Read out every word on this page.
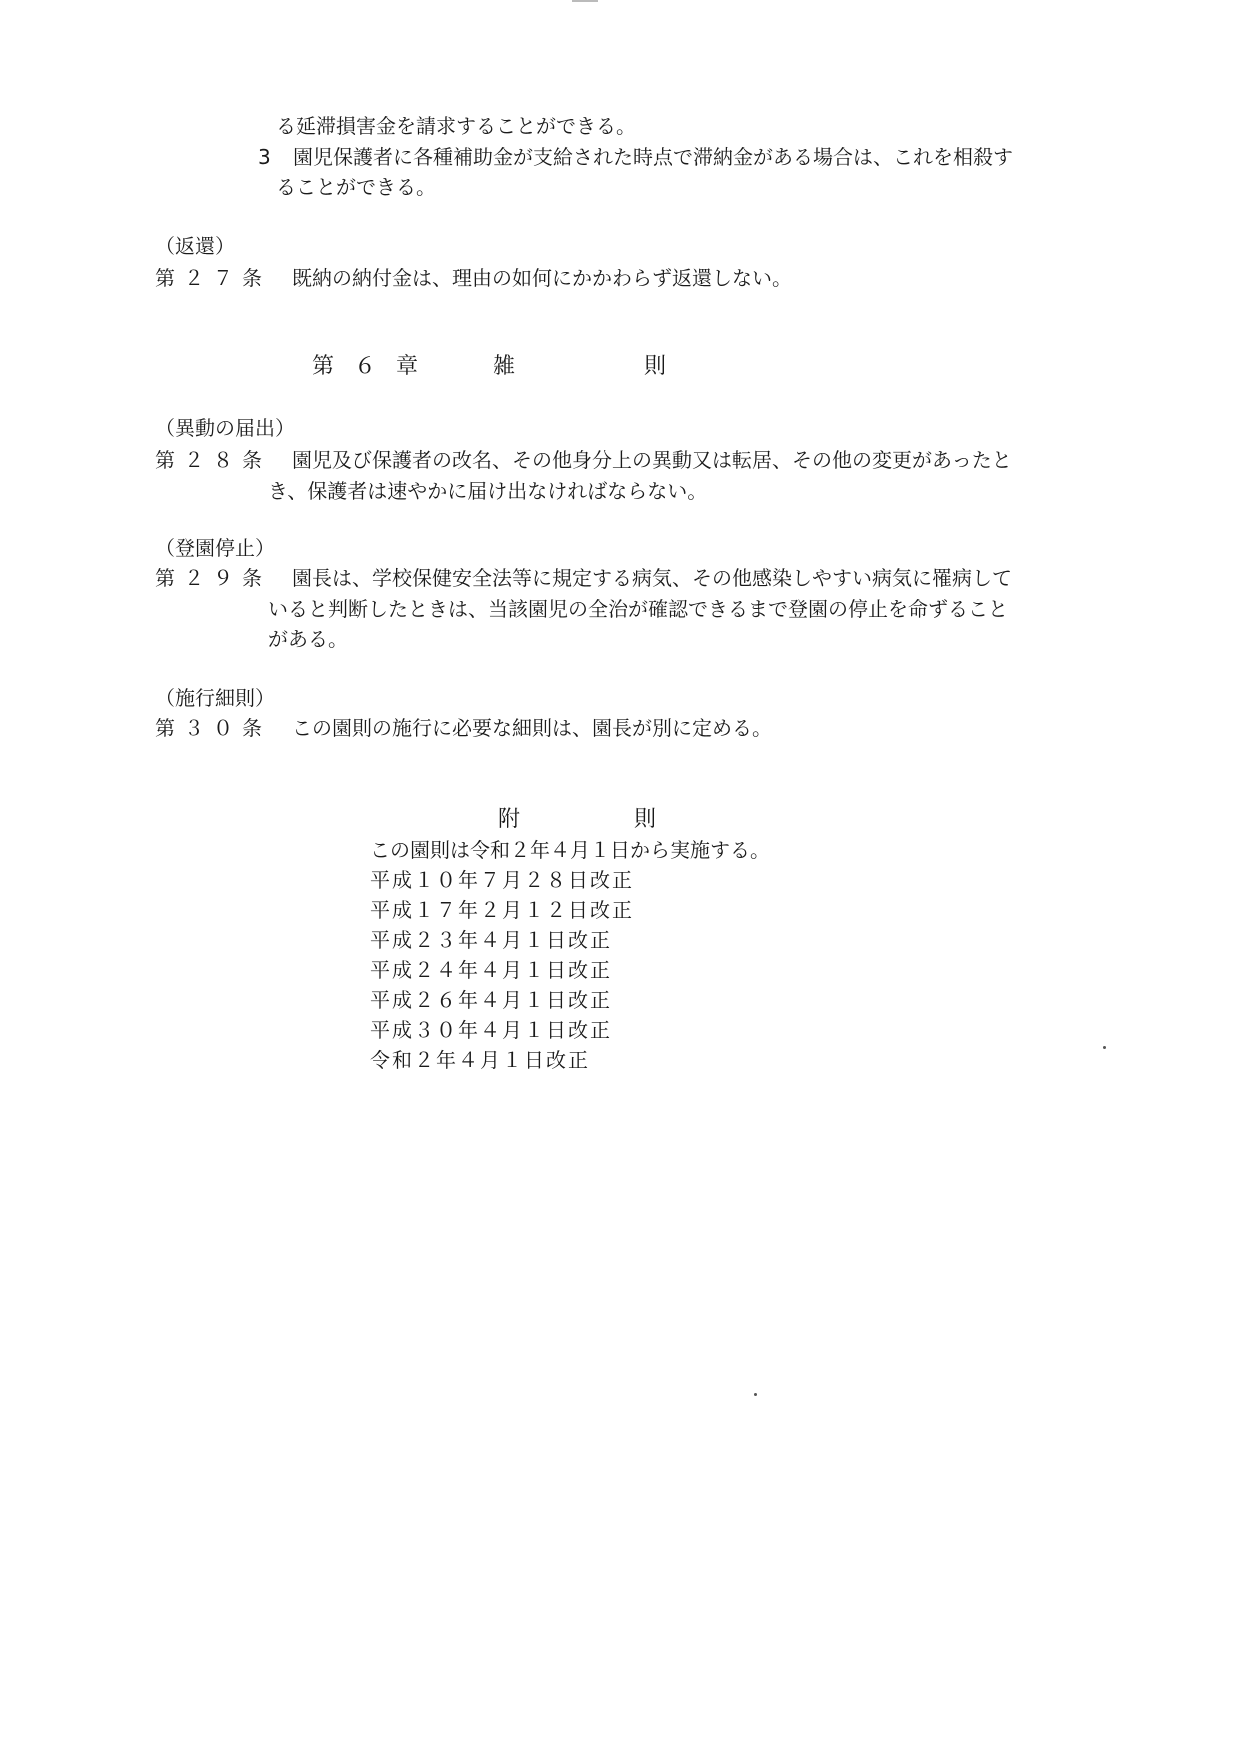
る延滞損害金を請求することができる。
3 園児保護者に各種補助金が支給された時点で滞納金がある場合は、これを相殺す
ることができる。
（返還）
第２７条 既納の納付金は、理由の如何にかかわらず返還しない。
第６章 雑	則
（異動の届出）
第２８条 園児及び保護者の改名、その他身分上の異動又は転居、その他の変更があったと
き、保護者は速やかに届け出なければならない。
（登園停止）
第２９条 園長は、学校保健安全法等に規定する病気、その他感染しやすい病気に罹病して
いると判断したときは、当該園児の全治が確認できるまで登園の停止を命ずること
がある。
（施行細則）
第３０条 この園則の施行に必要な細則は、園長が別に定める。
附	則
この園則は令和２年４月１日から実施する。
平成１０年７月２８日改正
平成１７年２月１２日改正
平成２３年４月１日改正
平成２４年４月１日改正
平成２６年４月１日改正
平成３０年４月１日改正
令和２年４月１日改正
